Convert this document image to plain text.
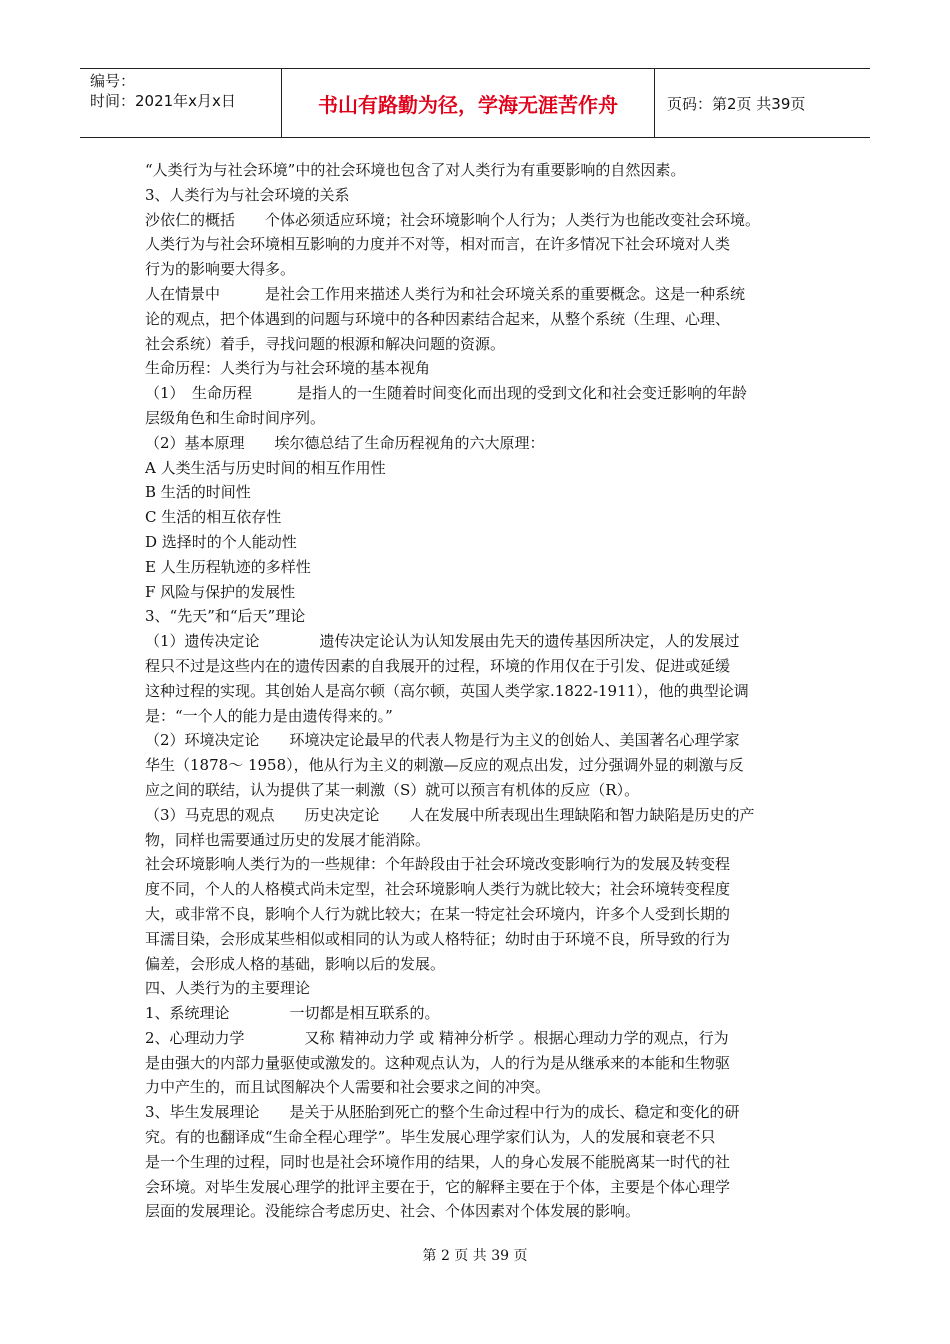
编号：
时间：2021年x月x日	书山有路勤为径，学海无涯苦作舟	页码：第2页 共39页

“人类行为与社会环境”中的社会环境也包含了对人类行为有重要影响的自然因素。

3、人类行为与社会环境的关系

沙依仁的概括　　个体必须适应环境；社会环境影响个人行为；人类行为也能改变社会环境。

人类行为与社会环境相互影响的力度并不对等，相对而言，在许多情况下社会环境对人类

行为的影响要大得多。

人在情景中　　　是社会工作用来描述人类行为和社会环境关系的重要概念。这是一种系统

论的观点，把个体遇到的问题与环境中的各种因素结合起来，从整个系统（生理、心理、

社会系统）着手，寻找问题的根源和解决问题的资源。

生命历程：人类行为与社会环境的基本视角

（1）　生命历程　　　是指人的一生随着时间变化而出现的受到文化和社会变迁影响的年龄

层级角色和生命时间序列。

（2）基本原理　　埃尔德总结了生命历程视角的六大原理：

A 人类生活与历史时间的相互作用性

B 生活的时间性

C 生活的相互依存性

D 选择时的个人能动性

E 人生历程轨迹的多样性

F 风险与保护的发展性

3、“先天”和“后天”理论

（1）遗传决定论　　　　遗传决定论认为认知发展由先天的遗传基因所决定，人的发展过

程只不过是这些内在的遗传因素的自我展开的过程，环境的作用仅在于引发、促进或延缓

这种过程的实现。其创始人是高尔顿（高尔顿，英国人类学家.1822-1911），他的典型论调

是：“一个人的能力是由遗传得来的。”

（2）环境决定论　　环境决定论最早的代表人物是行为主义的创始人、美国著名心理学家

华生（1878～ 1958），他从行为主义的刺激—反应的观点出发，过分强调外显的刺激与反

应之间的联结，认为提供了某一刺激（S）就可以预言有机体的反应（R）。

（3）马克思的观点　　历史决定论　　人在发展中所表现出生理缺陷和智力缺陷是历史的产

物，同样也需要通过历史的发展才能消除。

社会环境影响人类行为的一些规律：个年龄段由于社会环境改变影响行为的发展及转变程

度不同，个人的人格模式尚未定型，社会环境影响人类行为就比较大；社会环境转变程度

大，或非常不良，影响个人行为就比较大；在某一特定社会环境内，许多个人受到长期的

耳濡目染，会形成某些相似或相同的认为或人格特征；幼时由于环境不良，所导致的行为

偏差，会形成人格的基础，影响以后的发展。

四、人类行为的主要理论

1、系统理论　　　　一切都是相互联系的。

2、心理动力学　　　　又称 精神动力学 或 精神分析学 。根据心理动力学的观点，行为

是由强大的内部力量驱使或激发的。这种观点认为，人的行为是从继承来的本能和生物驱

力中产生的，而且试图解决个人需要和社会要求之间的冲突。

3、毕生发展理论　　是关于从胚胎到死亡的整个生命过程中行为的成长、稳定和变化的研

究。有的也翻译成“生命全程心理学”。毕生发展心理学家们认为，人的发展和衰老不只

是一个生理的过程，同时也是社会环境作用的结果，人的身心发展不能脱离某一时代的社

会环境。对毕生发展心理学的批评主要在于，它的解释主要在于个体，主要是个体心理学

层面的发展理论。没能综合考虑历史、社会、个体因素对个体发展的影响。

第 2 页 共 39 页
